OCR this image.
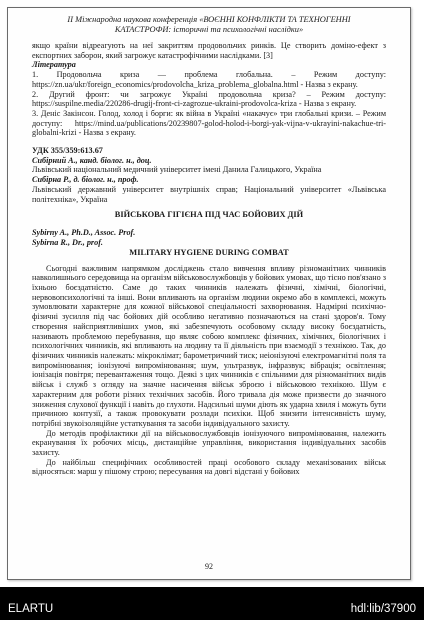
II Міжнародна наукова конференція «ВОЄННІ КОНФЛІКТИ ТА ТЕХНОГЕННІ

КАТАСТРОФИ: історичні та психологічні наслідки»

якщо країни відреагують на неї закриттям продовольчих ринків. Це створить доміно-ефект з експортних заборон, який загрожує катастрофічними наслідками. [3]

Література

1. Продовольча криза — проблема глобальна. – Режим доступу: https://zn.ua/ukr/foreign_economics/prodovolcha_kriza_problema_globalna.html - Назва з екрану.

2. Другий фронт: чи загрожує Україні продовольча криза? – Режим доступу: https://suspilne.media/220286-drugij-front-ci-zagrozue-ukraini-prodovolca-kriza - Назва з екрану.

3. Деніс Закінсон. Голод, холод і борги: як війна в Україні «накачує» три глобальні кризи. – Режим доступу: https://mind.ua/publications/20239807-golod-holod-i-borgi-yak-vijna-v-ukrayini-nakachue-tri-globalni-krizi - Назва з екрану.

УДК 355/359:613.67

Сибірний А., канд. біолог. н., доц.

Львівський національний медичний університет імені Данила Галицького, Україна

Сибірна Р., д. біолог. н., проф.

Львівський державний університет внутрішніх справ; Національний університет «Львівська політехніка», Україна

ВІЙСЬКОВА ГІГІЄНА ПІД ЧАС БОЙОВИХ ДІЙ

Sybirny A., Ph.D., Assoc. Prof.

Sybirna R., Dr., prof.

MILITARY HYGIENE DURING COMBAT

Сьогодні важливим напрямком досліджень стало вивчення впливу різноманітних чинників навколишнього середовища на організм військовослужбовців у бойових умовах, що тісно пов'язано з їхньою боєздатністю. Саме до таких чинників належать фізичні, хімічні, біологічні, нервовопсихологічні та інші. Вони впливають на організм людини окремо або в комплексі, можуть зумовлювати характерне для кожної військової спеціальності захворювання. Надмірні психічно-фізичні зусилля під час бойових дій особливо негативно позначаються на стані здоров'я. Тому створення найсприятливіших умов, які забезпечують особовому складу високу боєздатність, називають проблемою перебування, що являє собою комплекс фізичних, хімічних, біологічних і психологічних чинників, які впливають на людину та її діяльність при взаємодії з технікою. Так, до фізичних чинників належать: мікроклімат; барометричний тиск; неіонізуючі електромагнітні поля та випромінювання; іонізуючі випромінювання; шум, ультразвук, інфразвук; вібрація; освітлення; іонізація повітря; перевантаження тощо. Деякі з цих чинників є спільними для різноманітних видів військ і служб з огляду на значне насичення військ зброєю і військовою технікою. Шум є характерним для роботи різних технічних засобів. Його тривала дія може призвести до значного зниження слухової функції і навіть до глухоти. Надсильні шуми діють як ударна хвиля і можуть бути причиною контузії, а також провокувати розлади психіки. Щоб знизити інтенсивність шуму, потрібні звукоізоляційне устаткування та засоби індивідуального захисту.

До методів профілактики дії на військовослужбовців іонізуючого випромінювання, належить екранування їх робочих місць, дистанційне управління, використання індивідуальних засобів захисту.

До найбільш специфічних особливостей праці особового складу механізованих військ відносяться: марш у пішому строю; пересування на довгі відстані у бойових

92
ELARTU	hdl:lib/37900
